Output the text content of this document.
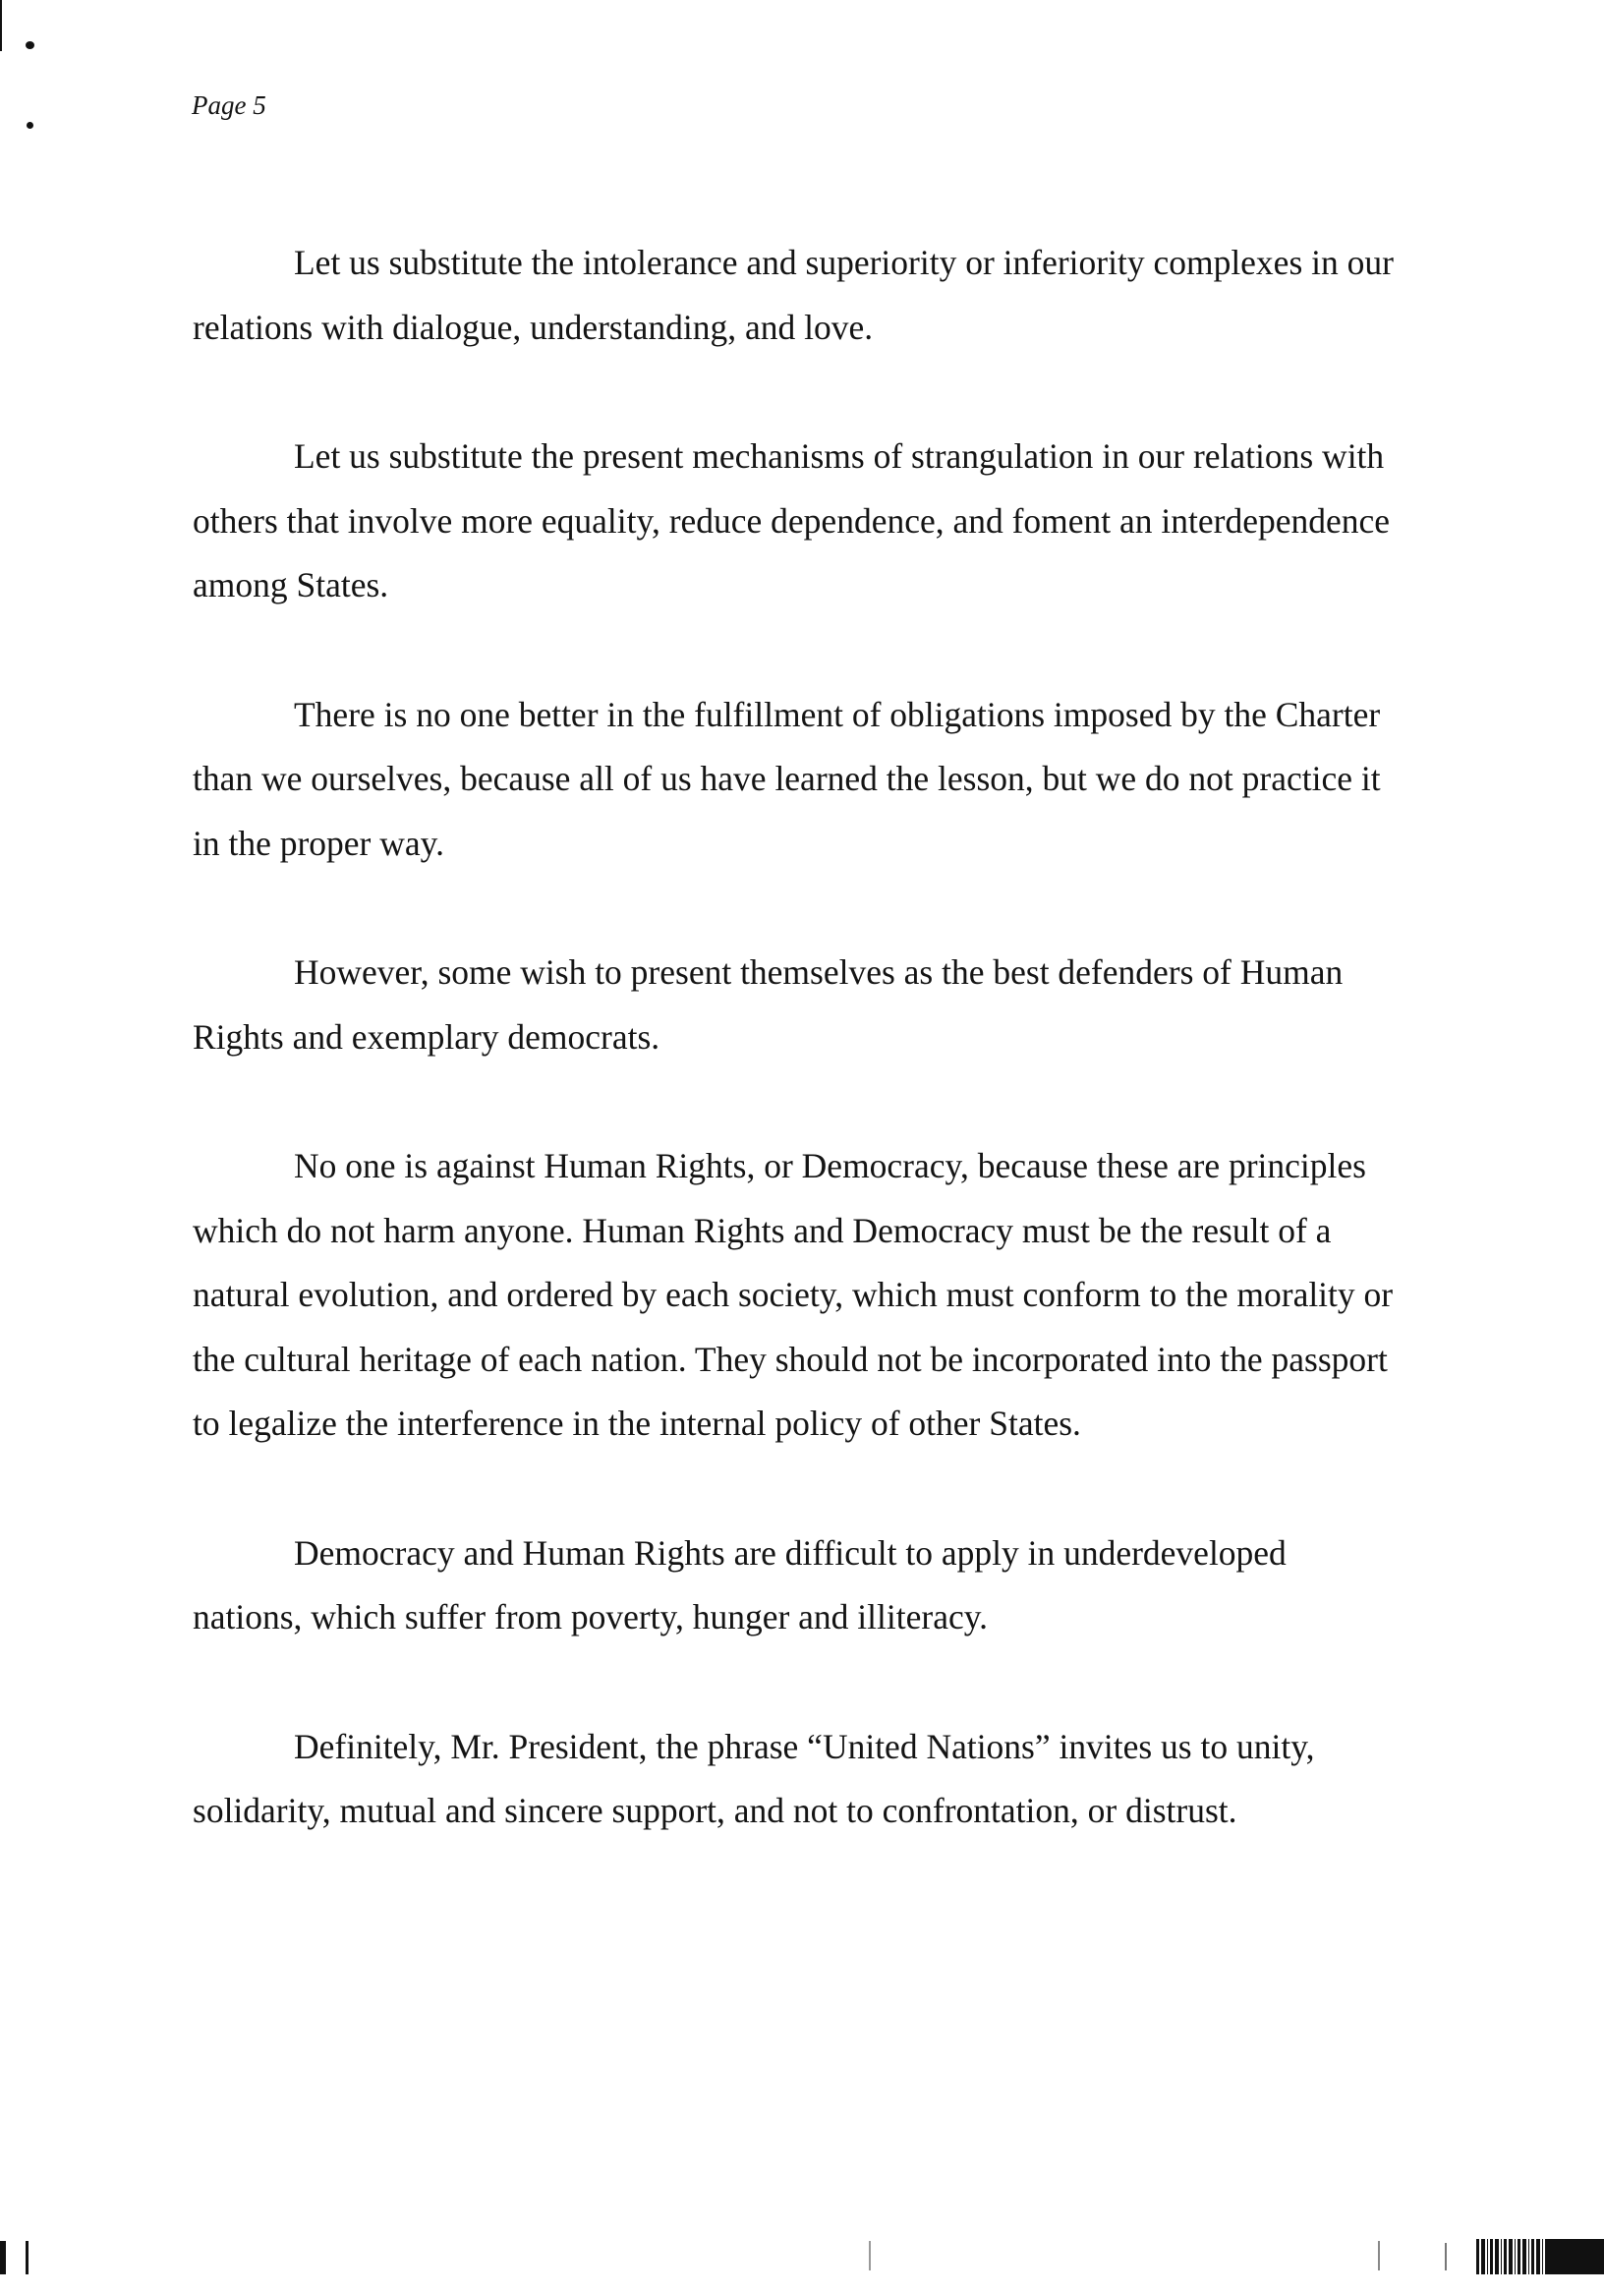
Page 5

Let us substitute the intolerance and superiority or inferiority complexes in our relations with dialogue, understanding, and love.

Let us substitute the present mechanisms of strangulation in our relations with others that involve more equality, reduce dependence, and foment an interdependence among States.

There is no one better in the fulfillment of obligations imposed by the Charter than we ourselves, because all of us have learned the lesson, but we do not practice it in the proper way.

However, some wish to present themselves as the best defenders of Human Rights and exemplary democrats.

No one is against Human Rights, or Democracy, because these are principles which do not harm anyone. Human Rights and Democracy must be the result of a natural evolution, and ordered by each society, which must conform to the morality or the cultural heritage of each nation. They should not be incorporated into the passport to legalize the interference in the internal policy of other States.

Democracy and Human Rights are difficult to apply in underdeveloped nations, which suffer from poverty, hunger and illiteracy.

Definitely, Mr. President, the phrase “United Nations” invites us to unity, solidarity, mutual and sincere support, and not to confrontation, or distrust.
